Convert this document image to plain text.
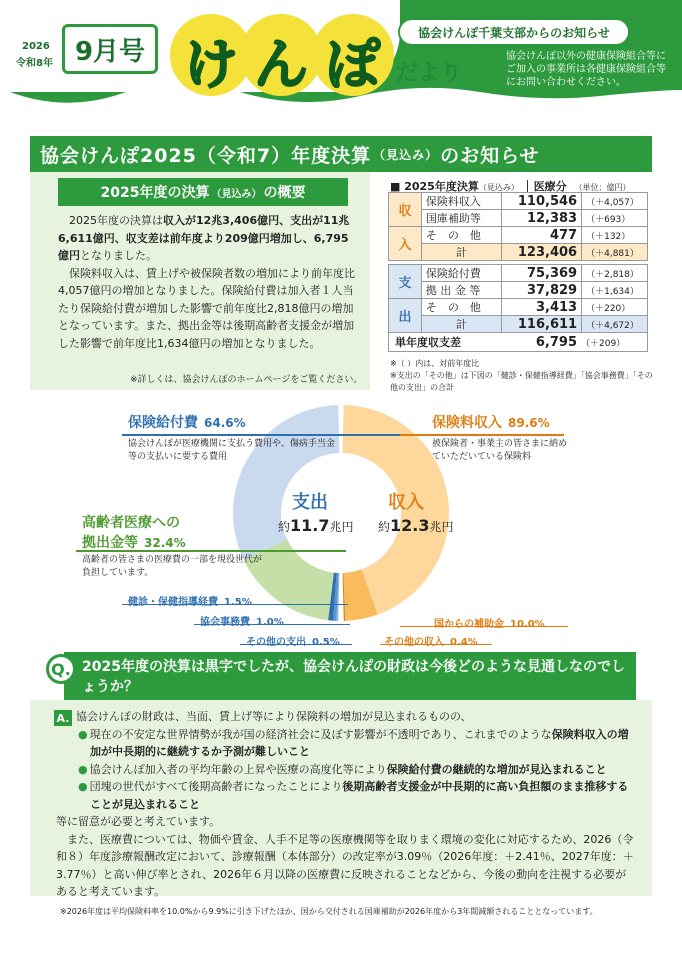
2026
令和8年 9月号 け ん ぽ だより
協会けんぽ千葉支部からのお知らせ
協会けんぽ以外の健康保険組合等にご加入の事業所は各健康保険組合等にお問い合わせください。
協会けんぽ2025（令和7）年度決算 （見込み） のお知らせ
2025年度の決算 （見込み） の概要

2025年度の決算は収入が12兆3,406億円、支出が11兆6,611億円、収支差は前年度より209億円増加し、6,795億円となりました。

保険料収入は、賃上げや被保険者数の増加により前年度比4,057億円の増加となりました。保険給付費は加入者１人当たり保険給付費が増加した影響で前年度比2,818億円の増加となっています。また、拠出金等は後期高齢者支援金が増加した影響で前年度比1,634億円の増加となりました。

※詳しくは、協会けんぽのホームページをご覧ください。
■ 2025年度決算（見込み） 医療分 （単位：億円）
収	保険料収入	110,546	（＋4,057）
	国庫補助等	12,383	（＋693）
入	そ　の　他	477	（＋132）
	計	123,406	（＋4,881）

支	保険給付費	75,369	（＋2,818）
	拠 出 金 等	37,829	（＋1,634）
出	そ　の　他	3,413	（＋220）
	計	116,611	（＋4,672）
単年度収支差	6,795 （＋209）
※（ ）内は、対前年度比
※支出の「その他」は下図の「健診・保健指導経費」「協会事務費」「その他の支出」の合計
支出
約11.7兆円
収入
約12.3兆円
保険給付費 64.6%
協会けんぽが医療機関に支払う費用や、傷病手当金等の支払いに要する費用
高齢者医療への
拠出金等 32.4%
高齢者の皆さまの医療費の一部を現役世代が負担しています。
健診・保健指導経費 1.5%
協会事務費 1.0%
その他の支出 0.5%
保険料収入 89.6%
被保険者・事業主の皆さまに納めていただいている保険料
国からの補助金 10.0%
その他の収入 0.4%
2025年度の決算は黒字でしたが、協会けんぽの財政は今後どのような見通しなのでしょうか？
Q.
A. 協会けんぽの財政は、当面、賃上げ等により保険料の増加が見込まれるものの、
● 現在の不安定な世界情勢が我が国の経済社会に及ぼす影響が不透明であり、これまでのような保険料収入の増加が中長期的に継続するか予測が難しいこと
● 協会けんぽ加入者の平均年齢の上昇や医療の高度化等により保険給付費の継続的な増加が見込まれること
● 団塊の世代がすべて後期高齢者になったことにより後期高齢者支援金が中長期的に高い負担額のまま推移することが見込まれること
等に留意が必要と考えています。
また、医療費については、物価や賃金、人手不足等の医療機関等を取りまく環境の変化に対応するため、2026（令和８）年度診療報酬改定において、診療報酬（本体部分）の改定率が3.09％（2026年度：＋2.41％、2027年度：＋3.77％）と高い伸び率とされ、2026年６月以降の医療費に反映されることなどから、今後の動向を注視する必要があると考えています。
※2026年度は平均保険料率を10.0%から9.9%に引き下げたほか、国から交付される国庫補助が2026年度から3年間減額されることとなっています。
